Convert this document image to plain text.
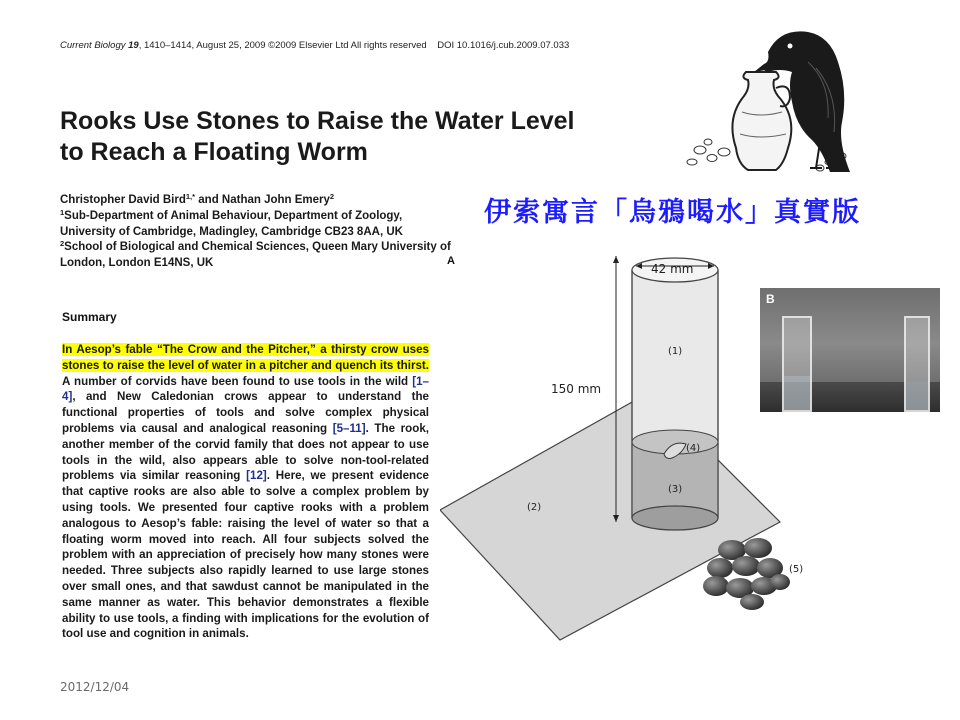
Current Biology 19, 1410–1414, August 25, 2009 ©2009 Elsevier Ltd All rights reserved DOI 10.1016/j.cub.2009.07.033
Rooks Use Stones to Raise the Water Level to Reach a Floating Worm

Christopher David Bird$^{1,*}$ and Nathan John Emery$^2$

$^1$Sub-Department of Animal Behaviour, Department of Zoology, University of Cambridge, Madingley, Cambridge CB23 8AA, UK

$^2$School of Biological and Chemical Sciences, Queen Mary University of London, London E14NS, UK

Summary
In Aesop’s fable “The Crow and the Pitcher,” a thirsty crow uses stones to raise the level of water in a pitcher and quench its thirst. A number of corvids have been found to use tools in the wild [1–4], and New Caledonian crows appear to understand the functional properties of tools and solve complex physical problems via causal and analogical reasoning [5–11]. The rook, another member of the corvid family that does not appear to use tools in the wild, also appears able to solve non-tool-related problems via similar reasoning [12]. Here, we present evidence that captive rooks are also able to solve a complex problem by using tools. We presented four captive rooks with a problem analogous to Aesop’s fable: raising the level of water so that a floating worm moved into reach. All four subjects solved the problem with an appreciation of precisely how many stones were needed. Three subjects also rapidly learned to use large stones over small ones, and that sawdust cannot be manipulated in the same manner as water. This behavior demonstrates a flexible ability to use tools, a finding with implications for the evolution of tool use and cognition in animals.
2012/12/04
伊索寓言「烏鴉喝水」真實版
A
42 mm
150 mm
(1)
(2)
(3)
(4)
(5)
B
